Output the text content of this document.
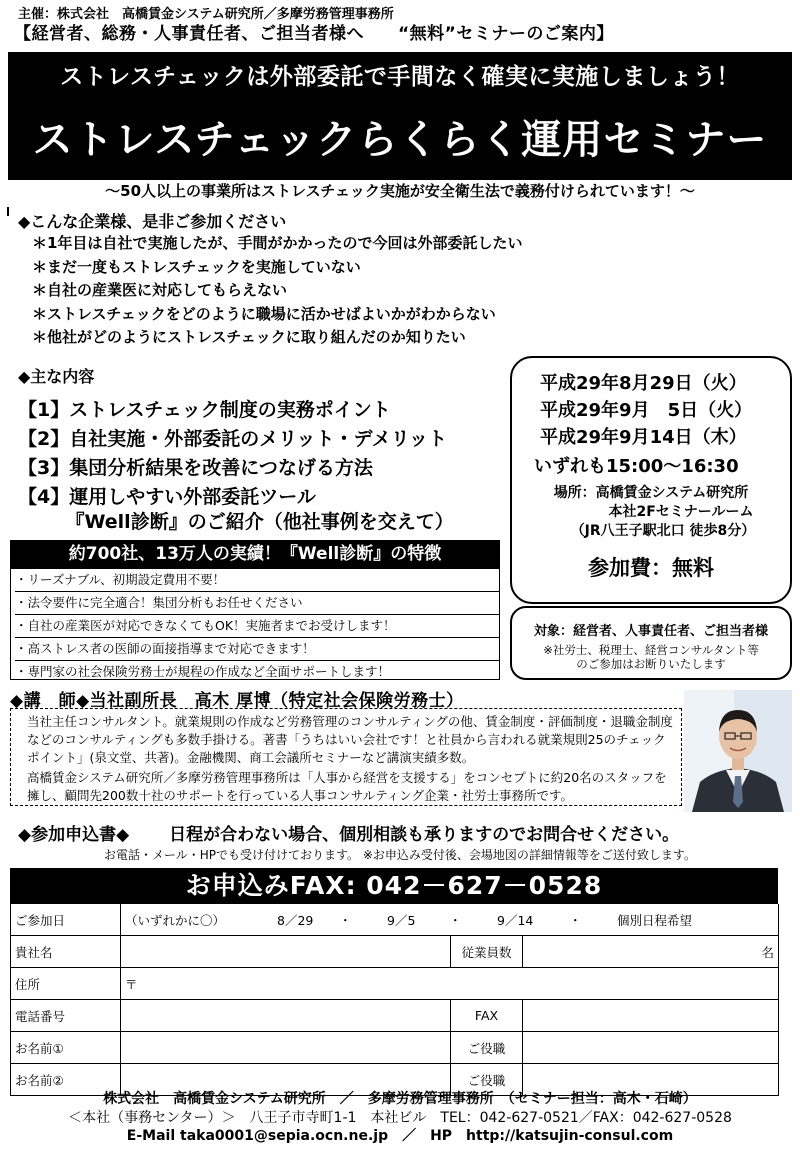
主催：株式会社　高橋賃金システム研究所／多摩労務管理事務所
【経営者、総務・人事責任者、ご担当者様へ “無料”セミナーのご案内】
ストレスチェックは外部委託で手間なく確実に実施しましょう！
ストレスチェックらくらく運用セミナー
～50人以上の事業所はストレスチェック実施が安全衛生法で義務付けられています！～
◆こんな企業様、是非ご参加ください
＊1年目は自社で実施したが、手間がかかったので今回は外部委託したい
＊まだ一度もストレスチェックを実施していない
＊自社の産業医に対応してもらえない
＊ストレスチェックをどのように職場に活かせばよいかがわからない
＊他社がどのようにストレスチェックに取り組んだのか知りたい
◆主な内容
【1】ストレスチェック制度の実務ポイント
【2】自社実施・外部委託のメリット・デメリット
【3】集団分析結果を改善につなげる方法
【4】運用しやすい外部委託ツール
　　　『Well診断』のご紹介（他社事例を交えて）
平成29年8月29日（火）
平成29年9月　5日（火）
平成29年9月14日（木）
いずれも15:00～16:30
場所：高橋賃金システム研究所
本社2Fセミナールーム
（JR八王子駅北口 徒歩8分）
参加費：無料
対象：経営者、人事責任者、ご担当者様
※社労士、税理士、経営コンサルタント等
のご参加はお断りいたします
約700社、13万人の実績！『Well診断』の特徴
・リーズナブル、初期設定費用不要！
・法令要件に完全適合！集団分析もお任せください
・自社の産業医が対応できなくてもOK！実施者までお受けします！
・高ストレス者の医師の面接指導まで対応できます！
・専門家の社会保険労務士が規程の作成など全面サポートします！
◆講　師◆当社副所長　高木 厚博（特定社会保険労務士）
当社主任コンサルタント。就業規則の作成など労務管理のコンサルティングの他、賃金制度・評価制度・退職金制度などのコンサルティングも多数手掛ける。著書「うちはいい会社です！と社員から言われる就業規則25のチェックポイント」(泉文堂、共著)。金融機関、商工会議所セミナーなど講演実績多数。
高橋賃金システム研究所／多摩労務管理事務所は「人事から経営を支援する」をコンセプトに約20名のスタッフを擁し、顧問先200数十社のサポートを行っている人事コンサルティング企業・社労士事務所です。
◆参加申込書◆ 日程が合わない場合、個別相談も承りますのでお問合せください。
お電話・メール・HPでも受け付けております。 ※お申込み受付後、会場地図の詳細情報等をご送付致します。
お申込みFAX: 042－627－0528
ご参加日	（いずれかに〇） 8／29 ・ 9／5 ・ 9／14 ・ 個別日程希望		
貴社名		従業員数	名
住所	〒		
電話番号		FAX	
お名前①		ご役職	
お名前②		ご役職	
株式会社　高橋賃金システム研究所　／　多摩労務管理事務所　（セミナー担当：高木・石崎）
＜本社（事務センター）＞　八王子市寺町1-1　本社ビル　TEL：042-627-0521／FAX：042-627-0528
E-Mail taka0001@sepia.ocn.ne.jp　／　HP　http://katsujin-consul.com
